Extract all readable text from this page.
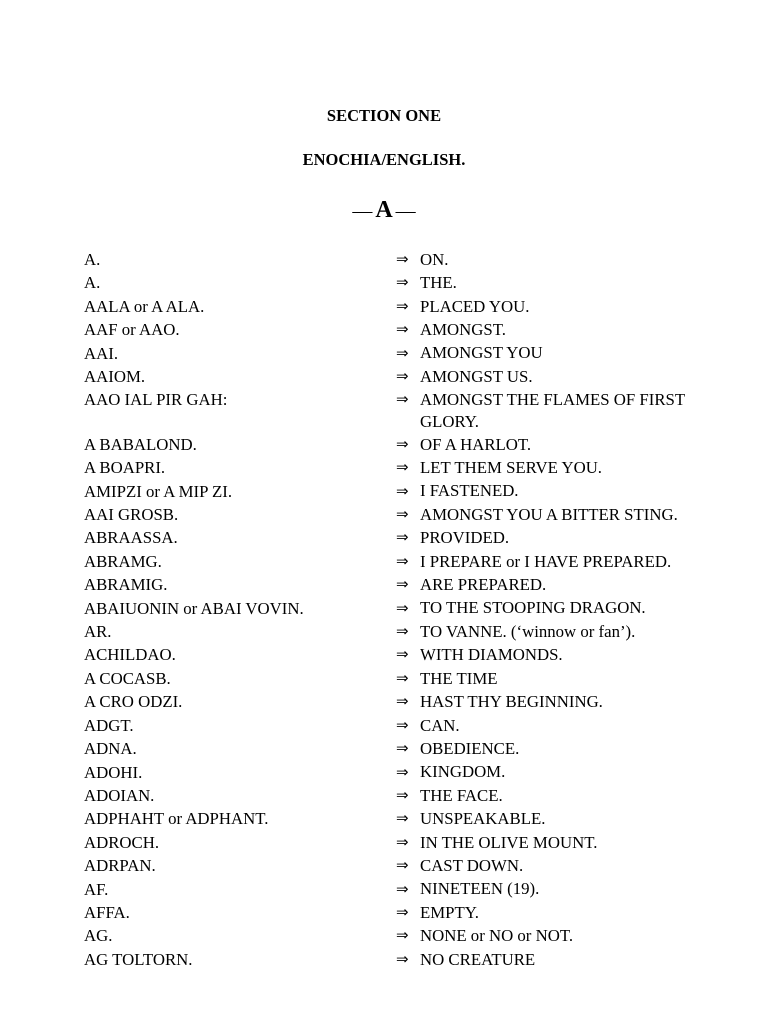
SECTION ONE
ENOCHIA/ENGLISH.
— A —
A.	⇒ ON.
A.	⇒ THE.
AALA or A ALA.	⇒ PLACED YOU.
AAF or AAO.	⇒ AMONGST.
AAI.	⇒ AMONGST YOU
AAIOM.	⇒ AMONGST US.
AAO IAL PIR GAH:	⇒ AMONGST THE FLAMES OF FIRST GLORY.
A BABALOND.	⇒ OF A HARLOT.
A BOAPRI.	⇒ LET THEM SERVE YOU.
AMIPZI or A MIP ZI.	⇒ I FASTENED.
AAI GROSB.	⇒ AMONGST YOU A BITTER STING.
ABRAASSA.	⇒ PROVIDED.
ABRAMG.	⇒ I PREPARE or I HAVE PREPARED.
ABRAMIG.	⇒ ARE PREPARED.
ABAIUONIN or ABAI VOVIN.	⇒ TO THE STOOPING DRAGON.
AR.	⇒ TO VANNE. (‘winnow or fan’).
ACHILDAO.	⇒ WITH DIAMONDS.
A COCASB.	⇒ THE TIME
A CRO ODZI.	⇒ HAST THY BEGINNING.
ADGT.	⇒ CAN.
ADNA.	⇒ OBEDIENCE.
ADOHI.	⇒ KINGDOM.
ADOIAN.	⇒ THE FACE.
ADPHAHT or ADPHANT.	⇒ UNSPEAKABLE.
ADROCH.	⇒ IN THE OLIVE MOUNT.
ADRPAN.	⇒ CAST DOWN.
AF.	⇒ NINETEEN (19).
AFFA.	⇒ EMPTY.
AG.	⇒ NONE or NO or NOT.
AG TOLTORN.	⇒ NO CREATURE
